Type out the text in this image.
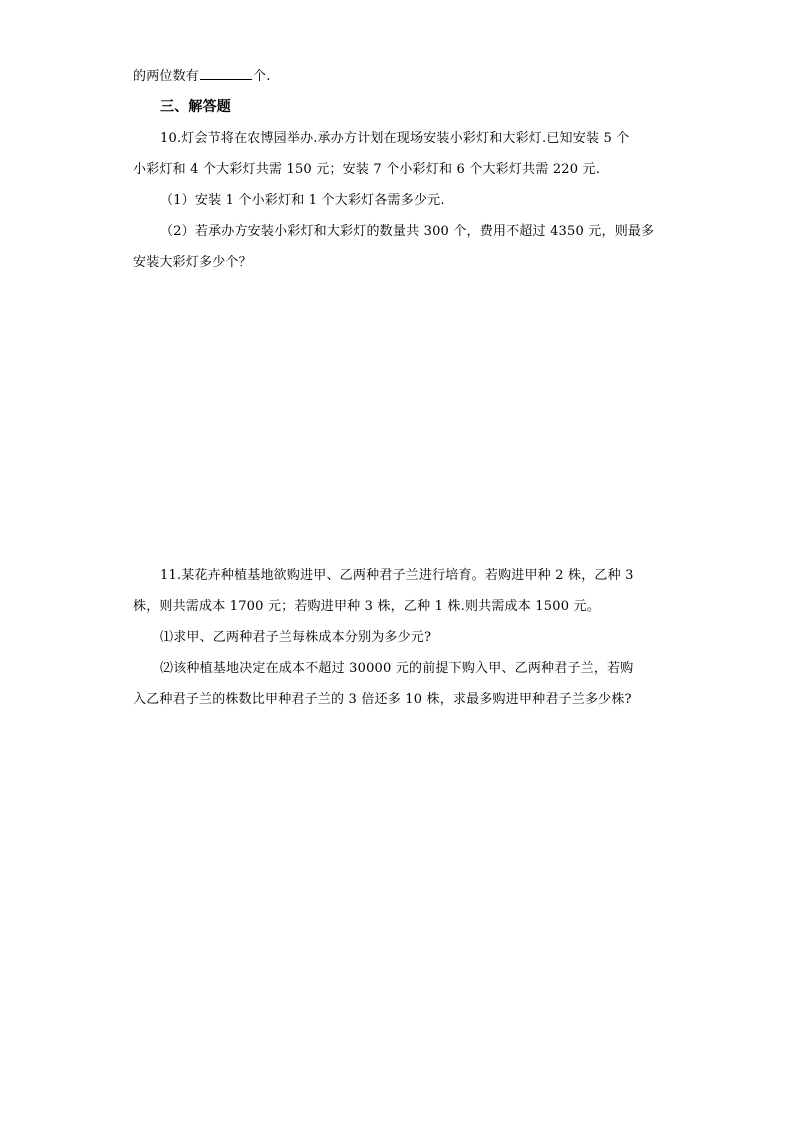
的两位数有	个.
三、解答题
10.灯会节将在农博园举办.承办方计划在现场安装小彩灯和大彩灯.已知安装 5 个
小彩灯和 4 个大彩灯共需 150 元；安装 7 个小彩灯和 6 个大彩灯共需 220 元.
（1）安装 1 个小彩灯和 1 个大彩灯各需多少元.
（2）若承办方安装小彩灯和大彩灯的数量共 300 个，费用不超过 4350 元，则最多
安装大彩灯多少个？
11.某花卉种植基地欲购进甲、乙两种君子兰进行培育。若购进甲种 2 株，乙种 3
株，则共需成本 1700 元；若购进甲种 3 株，乙种 1 株.则共需成本 1500 元。
⑴求甲、乙两种君子兰每株成本分别为多少元?
⑵该种植基地决定在成本不超过 30000 元的前提下购入甲、乙两种君子兰，若购
入乙种君子兰的株数比甲种君子兰的 3 倍还多 10 株，求最多购进甲种君子兰多少株?
